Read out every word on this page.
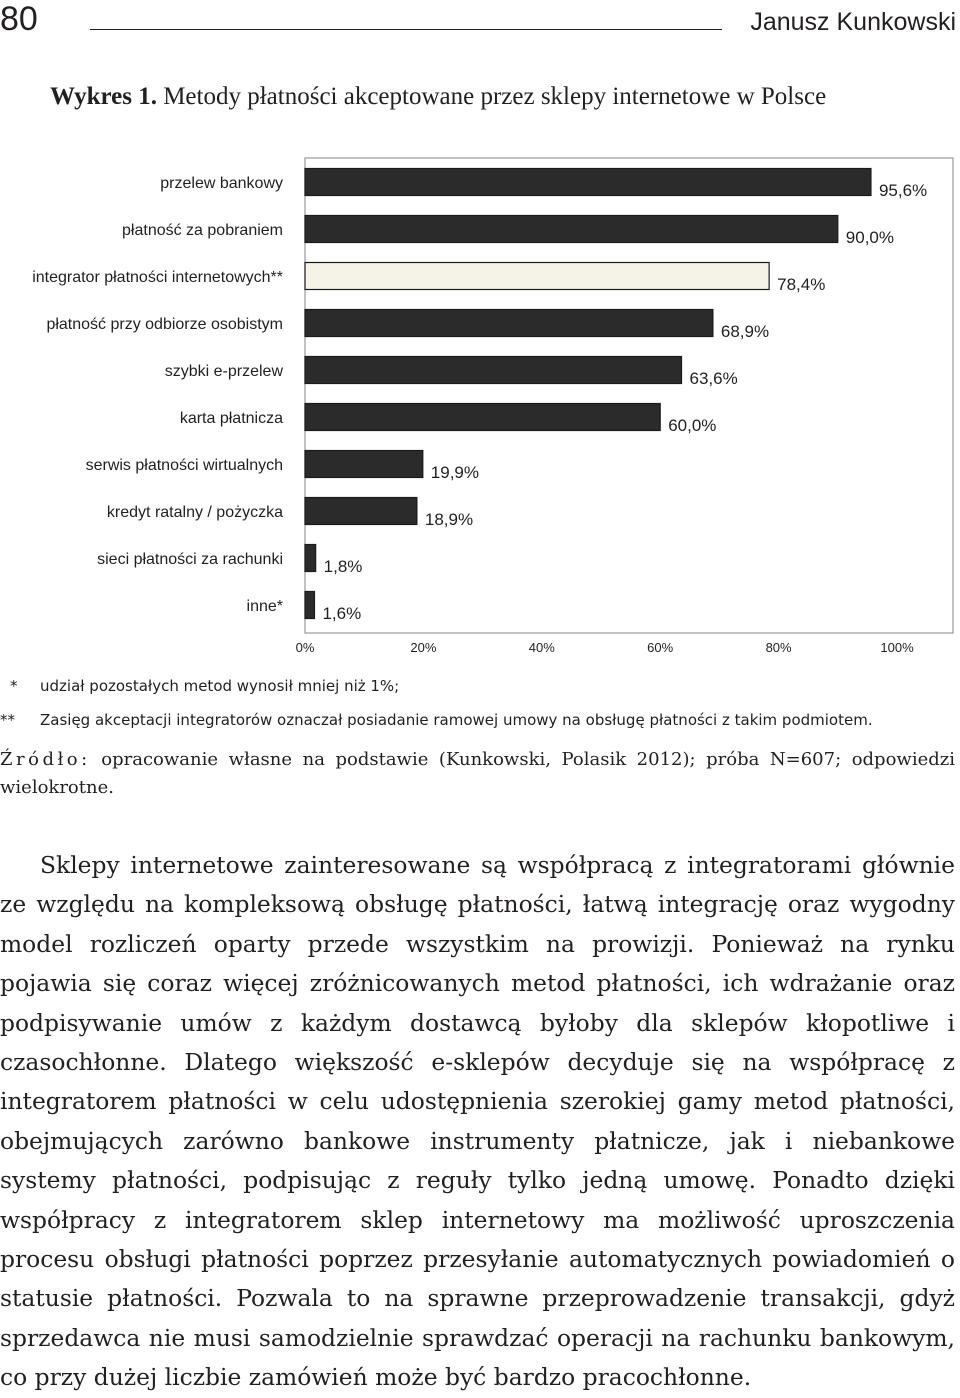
80	Janusz Kunkowski
Wykres 1. Metody płatności akceptowane przez sklepy internetowe w Polsce
przelew bankowy	95,6%
płatność za pobraniem	90,0%
integrator płatności internetowych**	78,4%
płatność przy odbiorze osobistym	68,9%
szybki e-przelew	63,6%
karta płatnicza	60,0%
serwis płatności wirtualnych	19,9%
kredyt ratalny / pożyczka	18,9%
sieci płatności za rachunki 1,8%
inne* 1,6%
0%	20%	40%	60%	80%	100%
* udział pozostałych metod wynosił mniej niż 1%;
** Zasięg akceptacji integratorów oznaczał posiadanie ramowej umowy na obsługę płatności z takim podmiotem.
Źródło: opracowanie własne na podstawie (Kunkowski, Polasik 2012); próba N=607; odpowiedzi wielokrotne.
Sklepy internetowe zainteresowane są współpracą z integratorami głównie ze względu na kompleksową obsługę płatności, łatwą integrację oraz wygodny model rozliczeń oparty przede wszystkim na prowizji. Ponieważ na rynku pojawia się coraz więcej zróżnicowanych metod płatności, ich wdrażanie oraz podpisywanie umów z każdym dostawcą byłoby dla sklepów kłopotliwe i czasochłonne. Dlatego większość e-sklepów decyduje się na współpracę z integratorem płatności w celu udostępnienia szerokiej gamy metod płatności, obejmujących zarówno bankowe instrumenty płatnicze, jak i niebankowe systemy płatności, podpisując z reguły tylko jedną umowę. Ponadto dzięki współpracy z integratorem sklep internetowy ma możliwość uproszczenia procesu obsługi płatności poprzez przesyłanie automatycznych powiadomień o statusie płatności. Pozwala to na sprawne przeprowadzenie transakcji, gdyż sprzedawca nie musi samodzielnie sprawdzać operacji na rachunku bankowym, co przy dużej liczbie zamówień może być bardzo pracochłonne.
